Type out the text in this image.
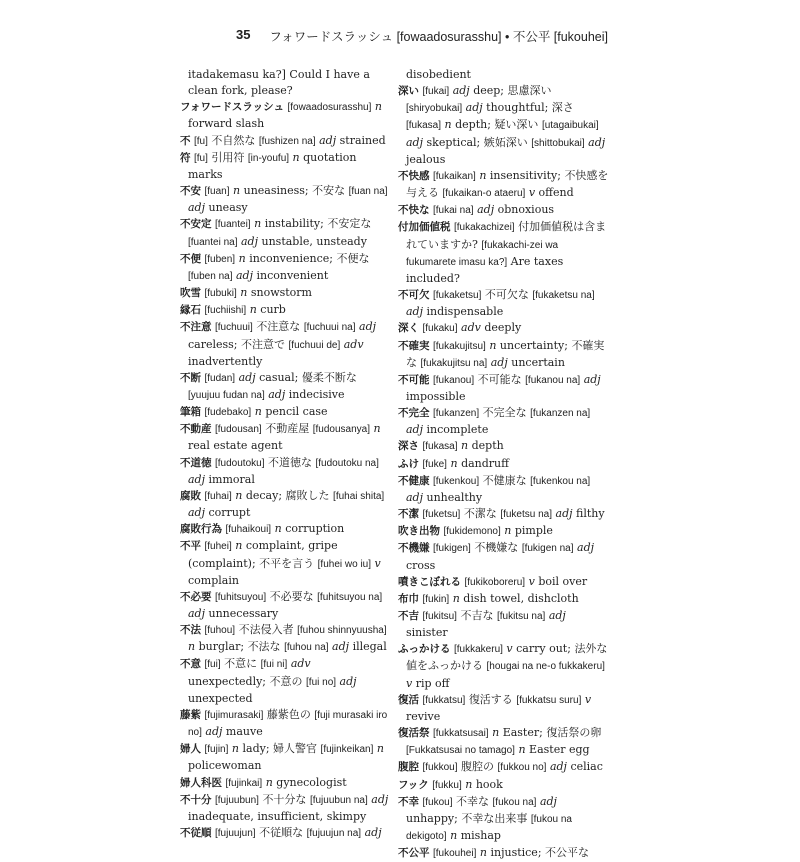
35 フォワードスラッシュ [fowaadosurasshu] • 不公平 [fukouhei]
itadakemasu ka?] Could I have a clean fork, please?
フォワードスラッシュ [fowaadosurasshu] n forward slash
不 [fu] 不自然な [fushizen na] adj strained
符 [fu] 引用符 [in-youfu] n quotation marks
不安 [fuan] n uneasiness; 不安な [fuan na] adj uneasy
不安定 [fuantei] n instability; 不安定な [fuantei na] adj unstable, unsteady
不便 [fuben] n inconvenience; 不便な [fuben na] adj inconvenient
吹雪 [fubuki] n snowstorm
縁石 [fuchiishi] n curb
不注意 [fuchuui] 不注意な [fuchuui na] adj careless; 不注意で [fuchuui de] adv inadvertently
不断 [fudan] adj casual; 優柔不断な [yuujuu fudan na] adj indecisive
筆箱 [fudebako] n pencil case
不動産 [fudousan] 不動産屋 [fudousanya] n real estate agent
不道徳 [fudoutoku] 不道徳な [fudoutoku na] adj immoral
腐敗 [fuhai] n decay; 腐敗した [fuhai shita] adj corrupt
腐敗行為 [fuhaikoui] n corruption
不平 [fuhei] n complaint, gripe (complaint); 不平を言う [fuhei wo iu] v complain
不必要 [fuhitsuyou] 不必要な [fuhitsuyou na] adj unnecessary
不法 [fuhou] 不法侵入者 [fuhou shinnyuusha] n burglar; 不法な [fuhou na] adj illegal
不意 [fui] 不意に [fui ni] adv unexpectedly; 不意の [fui no] adj unexpected
藤紫 [fujimurasaki] 藤紫色の [fuji murasaki iro no] adj mauve
婦人 [fujin] n lady; 婦人警官 [fujinkeikan] n policewoman
婦人科医 [fujinkai] n gynecologist
不十分 [fujuubun] 不十分な [fujuubun na] adj inadequate, insufficient, skimpy
不従順 [fujuujun] 不従順な [fujuujun na] adj
disobedient
深い [fukai] adj deep; 思慮深い [shiryobukai] adj thoughtful; 深さ [fukasa] n depth; 疑い深い [utagaibukai] adj skeptical; 嫉妬深い [shittobukai] adj jealous
不快感 [fukaikan] n insensitivity; 不快感を与える [fukaikan-o ataeru] v offend
不快な [fukai na] adj obnoxious
付加価値税 [fukakachizei] 付加価値税は含まれていますか? [fukakachi-zei wa fukumarete imasu ka?] Are taxes included?
不可欠 [fukaketsu] 不可欠な [fukaketsu na] adj indispensable
深く [fukaku] adv deeply
不確実 [fukakujitsu] n uncertainty; 不確実な [fukakujitsu na] adj uncertain
不可能 [fukanou] 不可能な [fukanou na] adj impossible
不完全 [fukanzen] 不完全な [fukanzen na] adj incomplete
深さ [fukasa] n depth
ふけ [fuke] n dandruff
不健康 [fukenkou] 不健康な [fukenkou na] adj unhealthy
不潔 [fuketsu] 不潔な [fuketsu na] adj filthy
吹き出物 [fukidemono] n pimple
不機嫌 [fukigen] 不機嫌な [fukigen na] adj cross
噴きこぼれる [fukikoboreru] v boil over
布巾 [fukin] n dish towel, dishcloth
不吉 [fukitsu] 不吉な [fukitsu na] adj sinister
ふっかける [fukkakeru] v carry out; 法外な値をふっかける [hougai na ne-o fukkakeru] v rip off
復活 [fukkatsu] 復活する [fukkatsu suru] v revive
復活祭 [fukkatsusai] n Easter; 復活祭の卵 [Fukkatsusai no tamago] n Easter egg
腹腔 [fukkou] 腹腔の [fukkou no] adj celiac
フック [fukku] n hook
不幸 [fukou] 不幸な [fukou na] adj unhappy; 不幸な出来事 [fukou na dekigoto] n mishap
不公平 [fukouhei] n injustice; 不公平な
